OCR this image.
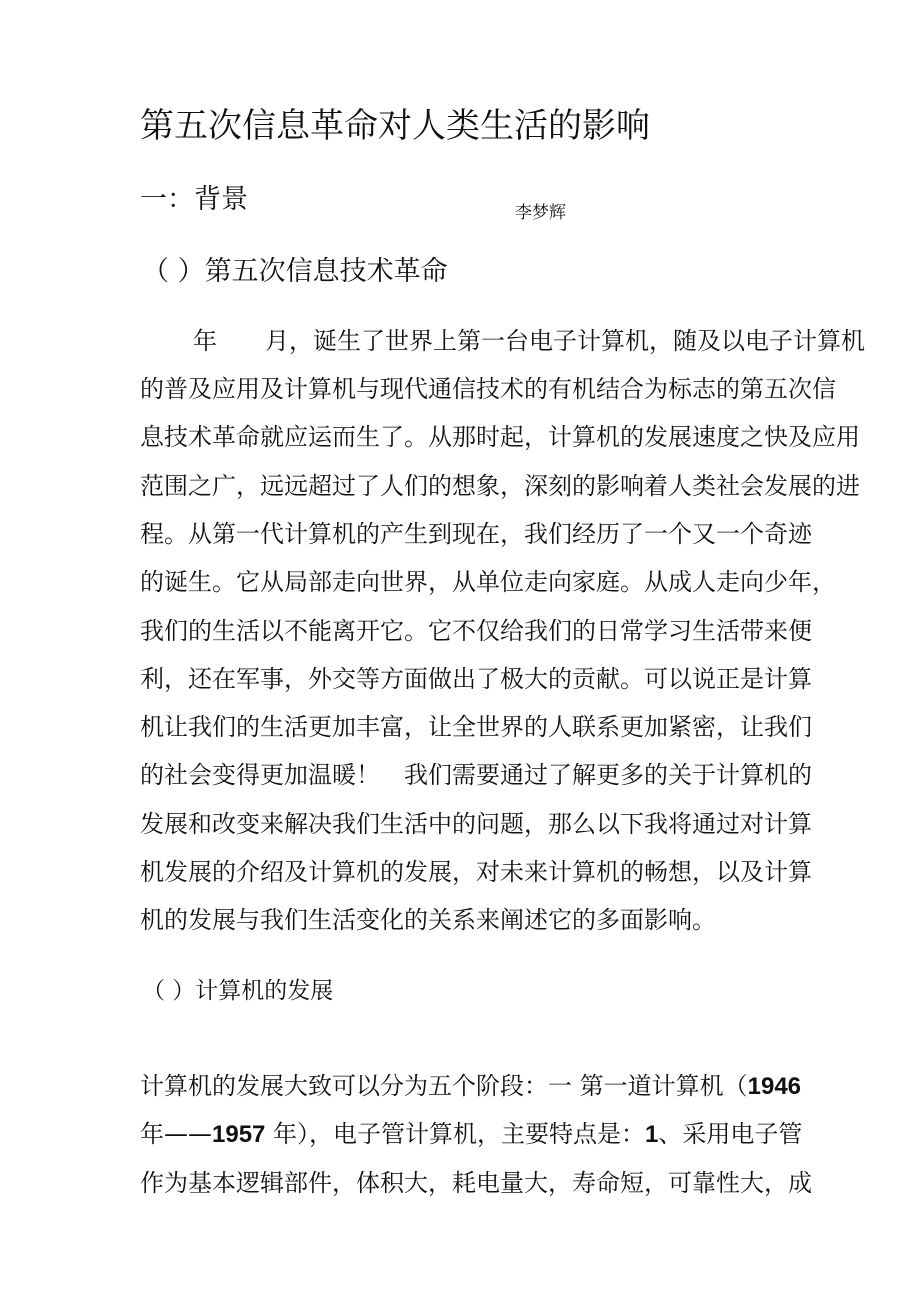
第五次信息革命对人类生活的影响
一：背景	李梦辉
（ ）第五次信息技术革命
年　　月，诞生了世界上第一台电子计算机，随及以电子计算机
的普及应用及计算机与现代通信技术的有机结合为标志的第五次信
息技术革命就应运而生了。从那时起，计算机的发展速度之快及应用
范围之广，远远超过了人们的想象，深刻的影响着人类社会发展的进
程。从第一代计算机的产生到现在，我们经历了一个又一个奇迹
的诞生。它从局部走向世界，从单位走向家庭。从成人走向少年，
我们的生活以不能离开它。它不仅给我们的日常学习生活带来便
利，还在军事，外交等方面做出了极大的贡献。可以说正是计算
机让我们的生活更加丰富，让全世界的人联系更加紧密，让我们
的社会变得更加温暖！　我们需要通过了解更多的关于计算机的
发展和改变来解决我们生活中的问题，那么以下我将通过对计算
机发展的介绍及计算机的发展，对未来计算机的畅想，以及计算
机的发展与我们生活变化的关系来阐述它的多面影响。
（ ）计算机的发展
计算机的发展大致可以分为五个阶段：一 第一道计算机（1946
年——1957 年），电子管计算机，主要特点是：1、采用电子管
作为基本逻辑部件，体积大，耗电量大，寿命短，可靠性大，成
